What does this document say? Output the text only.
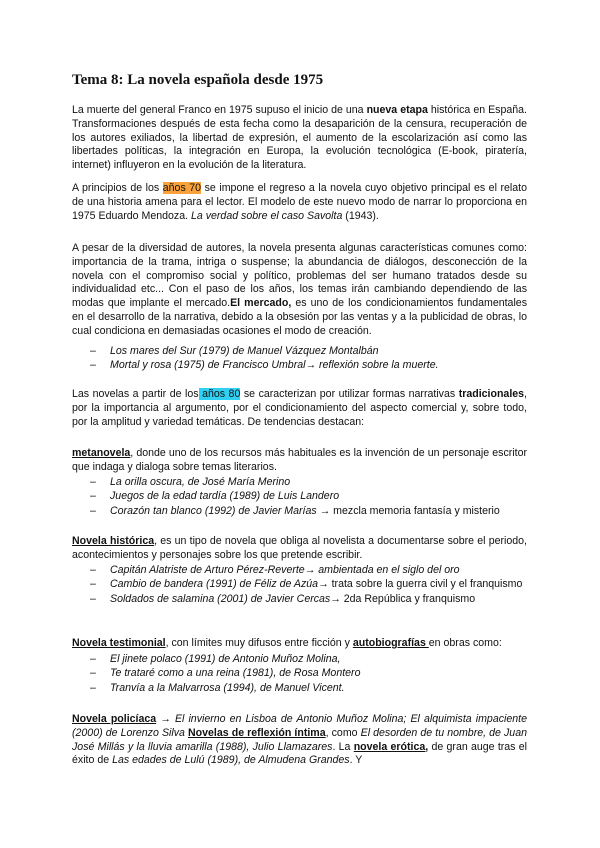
Tema 8: La novela española desde 1975

La muerte del general Franco en 1975 supuso el inicio de una nueva etapa histórica en España. Transformaciones después de esta fecha como la desaparición de la censura, recuperación de los autores exiliados, la libertad de expresión, el aumento de la escolarización así como las libertades políticas, la integración en Europa, la evolución tecnológica (E-book, piratería, internet) influyeron en la evolución de la literatura.

A principios de los años 70 se impone el regreso a la novela cuyo objetivo principal es el relato de una historia amena para el lector. El modelo de este nuevo modo de narrar lo proporciona en 1975 Eduardo Mendoza. La verdad sobre el caso Savolta (1943).

A pesar de la diversidad de autores, la novela presenta algunas características comunes como: importancia de la trama, intriga o suspense; la abundancia de diálogos, desconección de la novela con el compromiso social y político, problemas del ser humano tratados desde su individualidad etc... Con el paso de los años, los temas irán cambiando dependiendo de las modas que implante el mercado.El mercado, es uno de los condicionamientos fundamentales en el desarrollo de la narrativa, debido a la obsesión por las ventas y a la publicidad de obras, lo cual condiciona en demasiadas ocasiones el modo de creación.

– Los mares del Sur (1979) de Manuel Vázquez Montalbán
– Mortal y rosa (1975) de Francisco Umbral→ reflexión sobre la muerte.

Las novelas a partir de los años 80 se caracterizan por utilizar formas narrativas tradicionales, por la importancia al argumento, por el condicionamiento del aspecto comercial y, sobre todo, por la amplitud y variedad temáticas. De tendencias destacan:

metanovela, donde uno de los recursos más habituales es la invención de un personaje escritor que indaga y dialoga sobre temas literarios.

– La orilla oscura, de José María Merino
– Juegos de la edad tardía (1989) de Luis Landero
– Corazón tan blanco (1992) de Javier Marías → mezcla memoria fantasía y misterio

Novela histórica, es un tipo de novela que obliga al novelista a documentarse sobre el periodo, acontecimientos y personajes sobre los que pretende escribir.

– Capitán Alatriste de Arturo Pérez-Reverte→ ambientada en el siglo del oro
– Cambio de bandera (1991) de Féliz de Azúa→ trata sobre la guerra civil y el franquismo
– Soldados de salamina (2001) de Javier Cercas→ 2da República y franquismo

Novela testimonial, con límites muy difusos entre ficción y autobiografías en obras como:

– El jinete polaco (1991) de Antonio Muñoz Molina,
– Te trataré como a una reina (1981), de Rosa Montero
– Tranvía a la Malvarrosa (1994), de Manuel Vicent.

Novela policíaca → El invierno en Lisboa de Antonio Muñoz Molina; El alquimista impaciente (2000) de Lorenzo Silva Novelas de reflexión íntima, como El desorden de tu nombre, de Juan José Millás y la lluvia amarilla (1988), Julio Llamazares. La novela erótica, de gran auge tras el éxito de Las edades de Lulú (1989), de Almudena Grandes. Y
